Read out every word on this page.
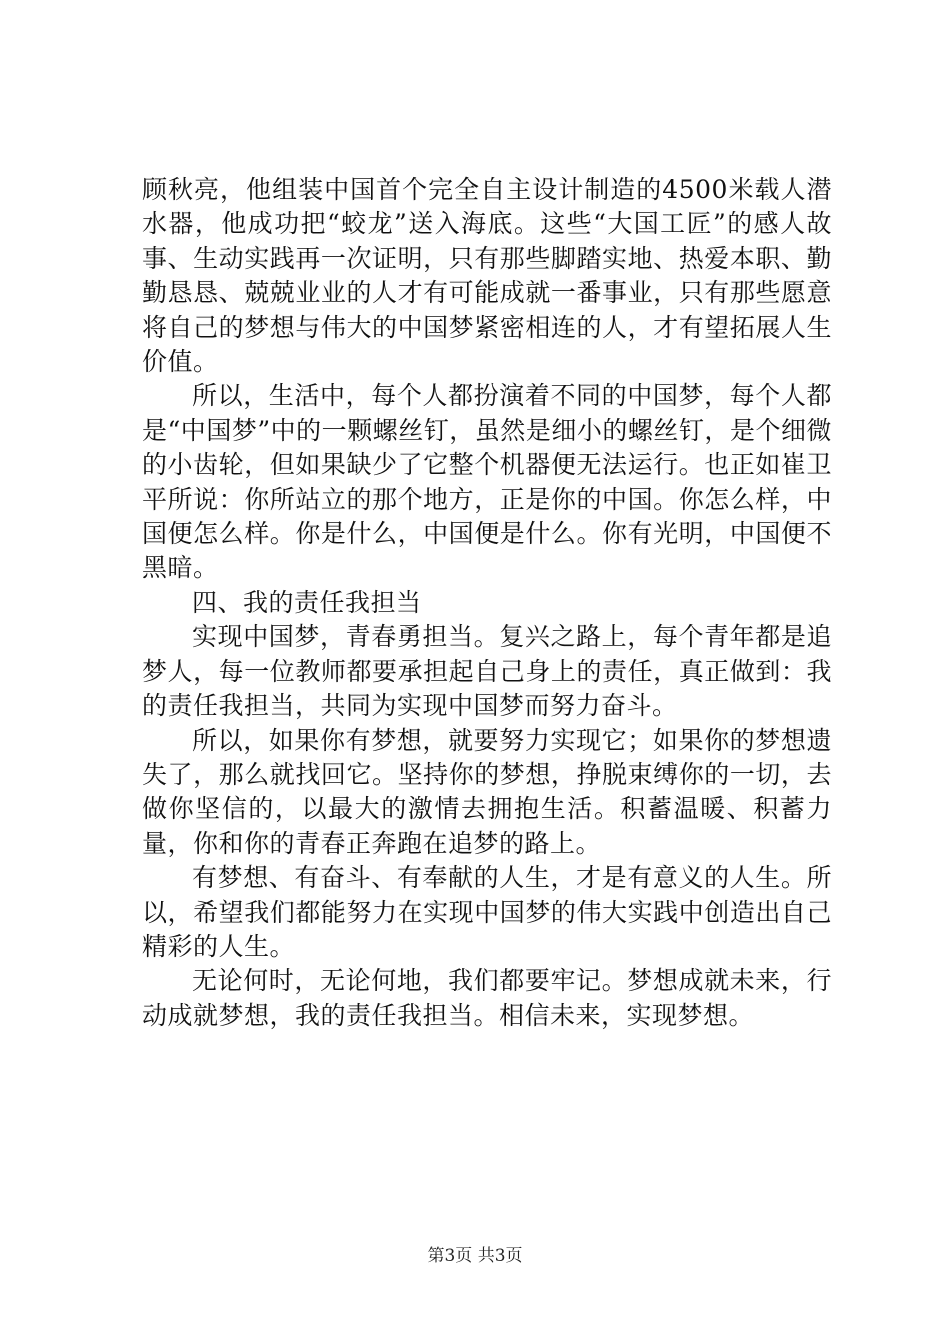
顾秋亮，他组装中国首个完全自主设计制造的4500米载人潜水器，他成功把“蛟龙”送入海底。这些“大国工匠”的感人故事、生动实践再一次证明，只有那些脚踏实地、热爱本职、勤勤恳恳、兢兢业业的人才有可能成就一番事业，只有那些愿意将自己的梦想与伟大的中国梦紧密相连的人，才有望拓展人生价值。

所以，生活中，每个人都扮演着不同的中国梦，每个人都是“中国梦”中的一颗螺丝钉，虽然是细小的螺丝钉，是个细微的小齿轮，但如果缺少了它整个机器便无法运行。也正如崔卫平所说：你所站立的那个地方，正是你的中国。你怎么样，中国便怎么样。你是什么，中国便是什么。你有光明，中国便不黑暗。

四、我的责任我担当

实现中国梦，青春勇担当。复兴之路上，每个青年都是追梦人，每一位教师都要承担起自己身上的责任，真正做到：我的责任我担当，共同为实现中国梦而努力奋斗。

所以，如果你有梦想，就要努力实现它；如果你的梦想遗失了，那么就找回它。坚持你的梦想，挣脱束缚你的一切，去做你坚信的，以最大的激情去拥抱生活。积蓄温暖、积蓄力量，你和你的青春正奔跑在追梦的路上。

有梦想、有奋斗、有奉献的人生，才是有意义的人生。所以，希望我们都能努力在实现中国梦的伟大实践中创造出自己精彩的人生。

无论何时，无论何地，我们都要牢记。梦想成就未来，行动成就梦想，我的责任我担当。相信未来，实现梦想。

第3页 共3页
